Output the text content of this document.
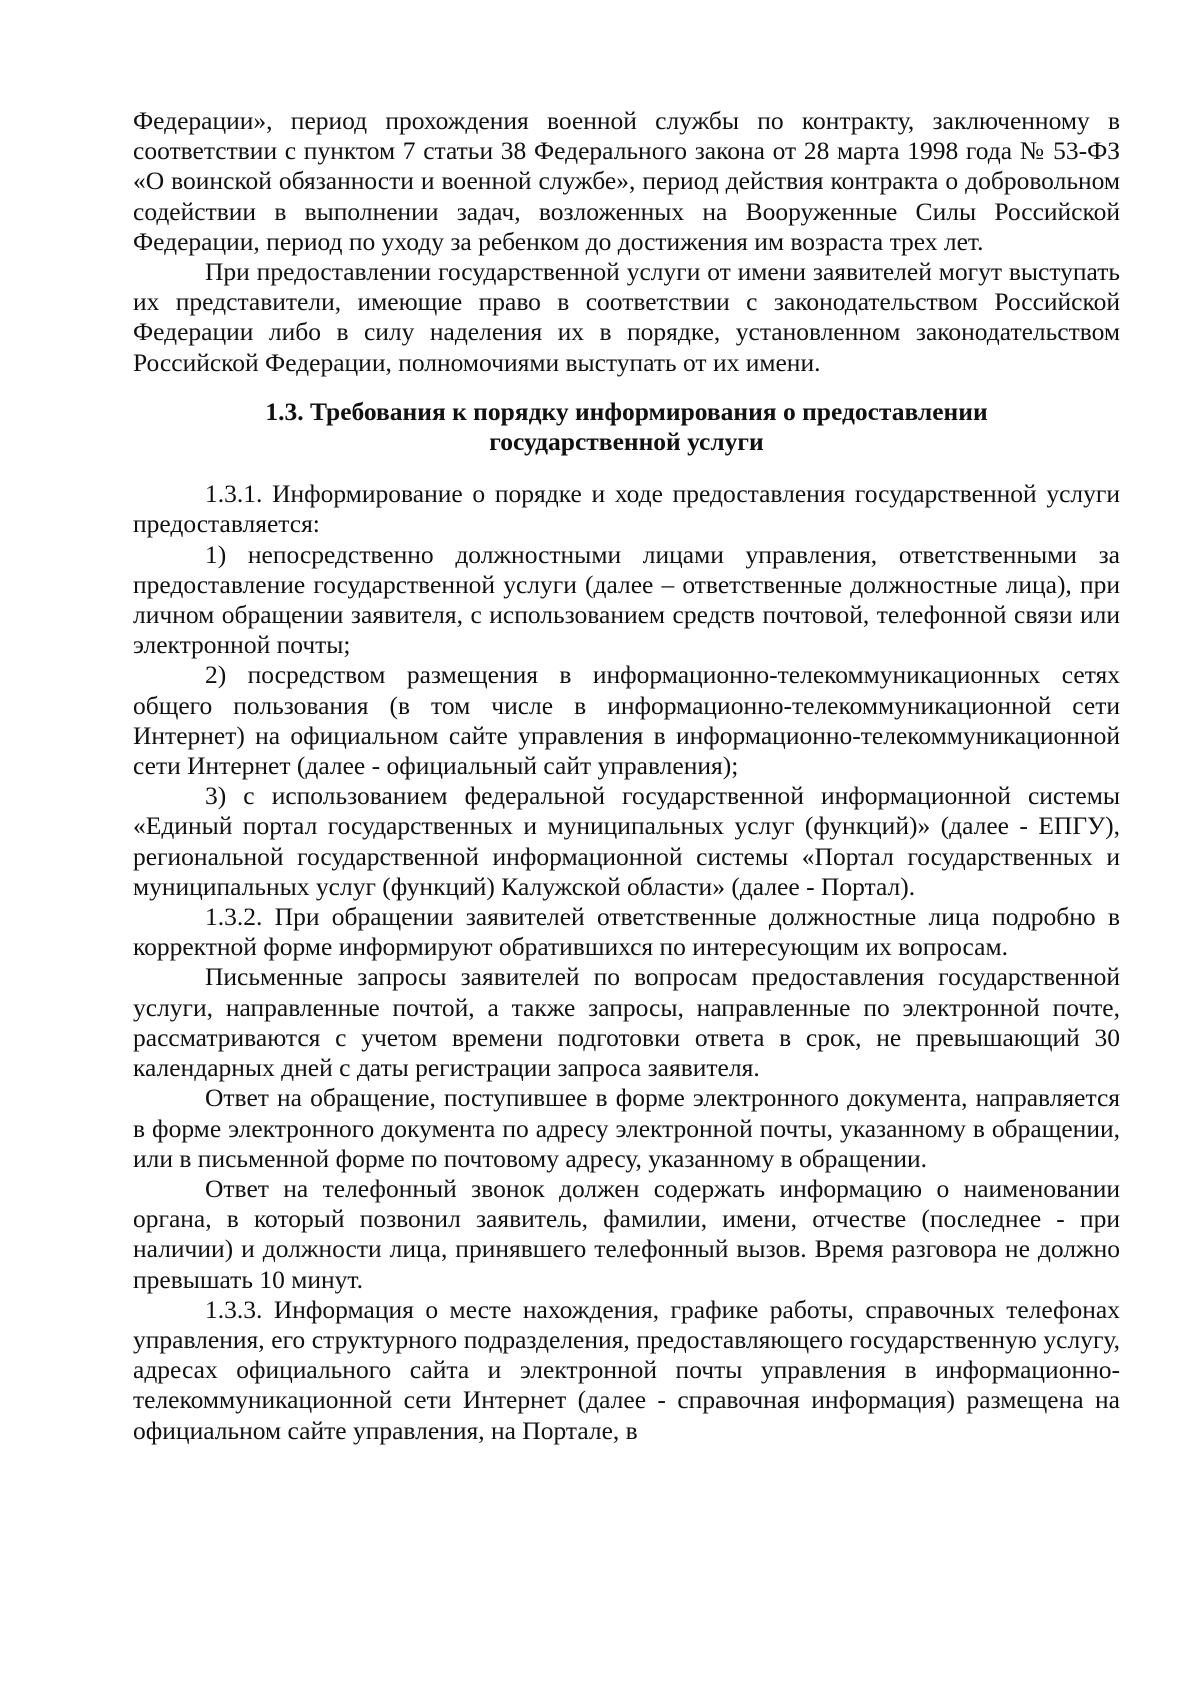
Федерации», период прохождения военной службы по контракту, заключенному в соответствии с пунктом 7 статьи 38 Федерального закона от 28 марта 1998 года № 53-ФЗ «О воинской обязанности и военной службе», период действия контракта о добровольном содействии в выполнении задач, возложенных на Вооруженные Силы Российской Федерации, период по уходу за ребенком до достижения им возраста трех лет.

При предоставлении государственной услуги от имени заявителей могут выступать их представители, имеющие право в соответствии с законодательством Российской Федерации либо в силу наделения их в порядке, установленном законодательством Российской Федерации, полномочиями выступать от их имени.

1.3. Требования к порядку информирования о предоставлении
государственной услуги

1.3.1. Информирование о порядке и ходе предоставления государственной услуги предоставляется:

1) непосредственно должностными лицами управления, ответственными за предоставление государственной услуги (далее – ответственные должностные лица), при личном обращении заявителя, с использованием средств почтовой, телефонной связи или электронной почты;

2) посредством размещения в информационно-телекоммуникационных сетях общего пользования (в том числе в информационно-телекоммуникационной сети Интернет) на официальном сайте управления в информационно-телекоммуникационной сети Интернет (далее - официальный сайт управления);

3) с использованием федеральной государственной информационной системы «Единый портал государственных и муниципальных услуг (функций)» (далее - ЕПГУ), региональной государственной информационной системы «Портал государственных и муниципальных услуг (функций) Калужской области» (далее - Портал).

1.3.2. При обращении заявителей ответственные должностные лица подробно в корректной форме информируют обратившихся по интересующим их вопросам.

Письменные запросы заявителей по вопросам предоставления государственной услуги, направленные почтой, а также запросы, направленные по электронной почте, рассматриваются с учетом времени подготовки ответа в срок, не превышающий 30 календарных дней с даты регистрации запроса заявителя.

Ответ на обращение, поступившее в форме электронного документа, направляется в форме электронного документа по адресу электронной почты, указанному в обращении, или в письменной форме по почтовому адресу, указанному в обращении.

Ответ на телефонный звонок должен содержать информацию о наименовании органа, в который позвонил заявитель, фамилии, имени, отчестве (последнее - при наличии) и должности лица, принявшего телефонный вызов. Время разговора не должно превышать 10 минут.

1.3.3. Информация о месте нахождения, графике работы, справочных телефонах управления, его структурного подразделения, предоставляющего государственную услугу, адресах официального сайта и электронной почты управления в информационно-телекоммуникационной сети Интернет (далее - справочная информация) размещена на официальном сайте управления, на Портале, в
